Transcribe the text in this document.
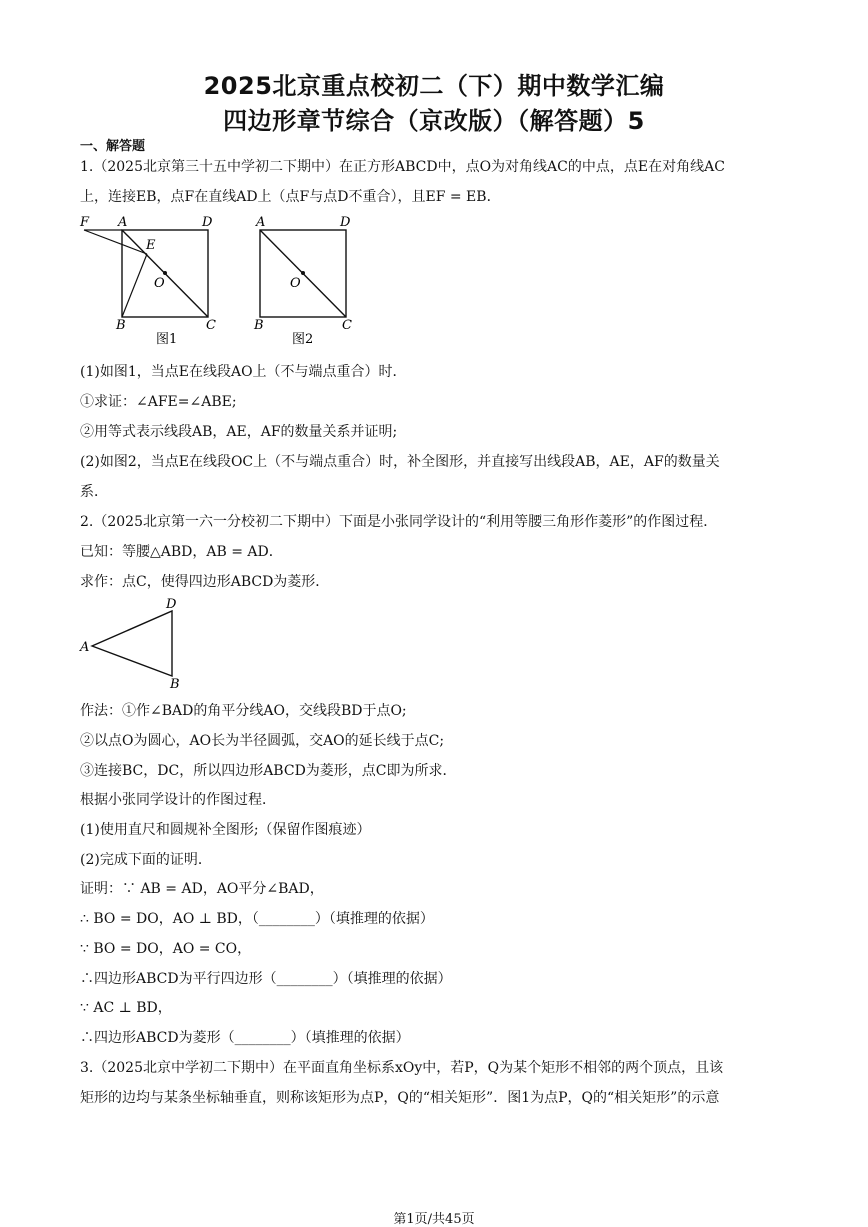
2025北京重点校初二（下）期中数学汇编
四边形章节综合（京改版）（解答题）5
一、解答题
1.（2025北京第三十五中学初二下期中）在正方形ABCD中，点O为对角线AC的中点，点E在对角线AC
上，连接EB，点F在直线AD上（点F与点D不重合），且EF = EB．
F A	D
E
O
B	C
图1
A	D
O
B	C
图2
(1)如图1，当点E在线段AO上（不与端点重合）时．
①求证：∠AFE=∠ABE;
②用等式表示线段AB，AE，AF的数量关系并证明;
(2)如图2，当点E在线段OC上（不与端点重合）时，补全图形，并直接写出线段AB，AE，AF的数量关
系．
2.（2025北京第一六一分校初二下期中）下面是小张同学设计的“利用等腰三角形作菱形”的作图过程．
已知：等腰△ABD，AB = AD．
求作：点C，使得四边形ABCD为菱形．
D
A
B
作法：①作∠BAD的角平分线AO，交线段BD于点O;
②以点O为圆心，AO长为半径圆弧，交AO的延长线于点C;
③连接BC，DC，所以四边形ABCD为菱形，点C即为所求．
根据小张同学设计的作图过程．
(1)使用直尺和圆规补全图形;（保留作图痕迹）
(2)完成下面的证明．
证明：∵ AB = AD，AO平分∠BAD，
∴ BO = DO，AO ⊥ BD，（________）（填推理的依据）
∵ BO = DO，AO = CO，
∴四边形ABCD为平行四边形（________）（填推理的依据）
∵ AC ⊥ BD，
∴四边形ABCD为菱形（________）（填推理的依据）
3.（2025北京中学初二下期中）在平面直角坐标系xOy中，若P，Q为某个矩形不相邻的两个顶点，且该
矩形的边均与某条坐标轴垂直，则称该矩形为点P，Q的“相关矩形”．图1为点P，Q的“相关矩形”的示意
第1页/共45页
